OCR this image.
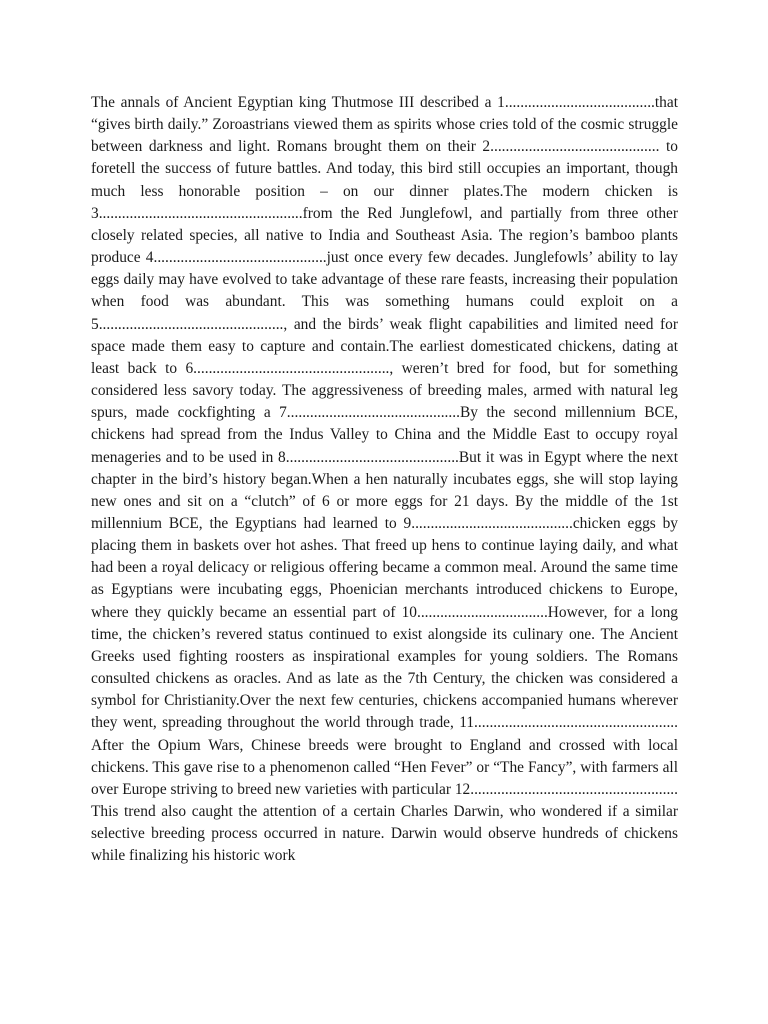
The annals of Ancient Egyptian king Thutmose III described a 1.......................................that “gives birth daily.” Zoroastrians viewed them as spirits whose cries told of the cosmic struggle between darkness and light. Romans brought them on their 2............................................ to foretell the success of future battles. And today, this bird still occupies an important, though much less honorable position – on our dinner plates.The modern chicken is 3.....................................................from the Red Junglefowl, and partially from three other closely related species, all native to India and Southeast Asia. The region’s bamboo plants produce 4.............................................just once every few decades. Junglefowls’ ability to lay eggs daily may have evolved to take advantage of these rare feasts, increasing their population when food was abundant. This was something humans could exploit on a 5................................................, and the birds’ weak flight capabilities and limited need for space made them easy to capture and contain.The earliest domesticated chickens, dating at least back to 6..................................................., weren’t bred for food, but for something considered less savory today. The aggressiveness of breeding males, armed with natural leg spurs, made cockfighting a 7.............................................By the second millennium BCE, chickens had spread from the Indus Valley to China and the Middle East to occupy royal menageries and to be used in 8.............................................But it was in Egypt where the next chapter in the bird’s history began.When a hen naturally incubates eggs, she will stop laying new ones and sit on a “clutch” of 6 or more eggs for 21 days. By the middle of the 1st millennium BCE, the Egyptians had learned to 9..........................................chicken eggs by placing them in baskets over hot ashes. That freed up hens to continue laying daily, and what had been a royal delicacy or religious offering became a common meal. Around the same time as Egyptians were incubating eggs, Phoenician merchants introduced chickens to Europe, where they quickly became an essential part of 10..................................However, for a long time, the chicken’s revered status continued to exist alongside its culinary one. The Ancient Greeks used fighting roosters as inspirational examples for young soldiers. The Romans consulted chickens as oracles. And as late as the 7th Century, the chicken was considered a symbol for Christianity.Over the next few centuries, chickens accompanied humans wherever they went, spreading throughout the world through trade, 11..................................................... After the Opium Wars, Chinese breeds were brought to England and crossed with local chickens. This gave rise to a phenomenon called “Hen Fever” or “The Fancy”, with farmers all over Europe striving to breed new varieties with particular 12...................................................... This trend also caught the attention of a certain Charles Darwin, who wondered if a similar selective breeding process occurred in nature. Darwin would observe hundreds of chickens while finalizing his historic work
